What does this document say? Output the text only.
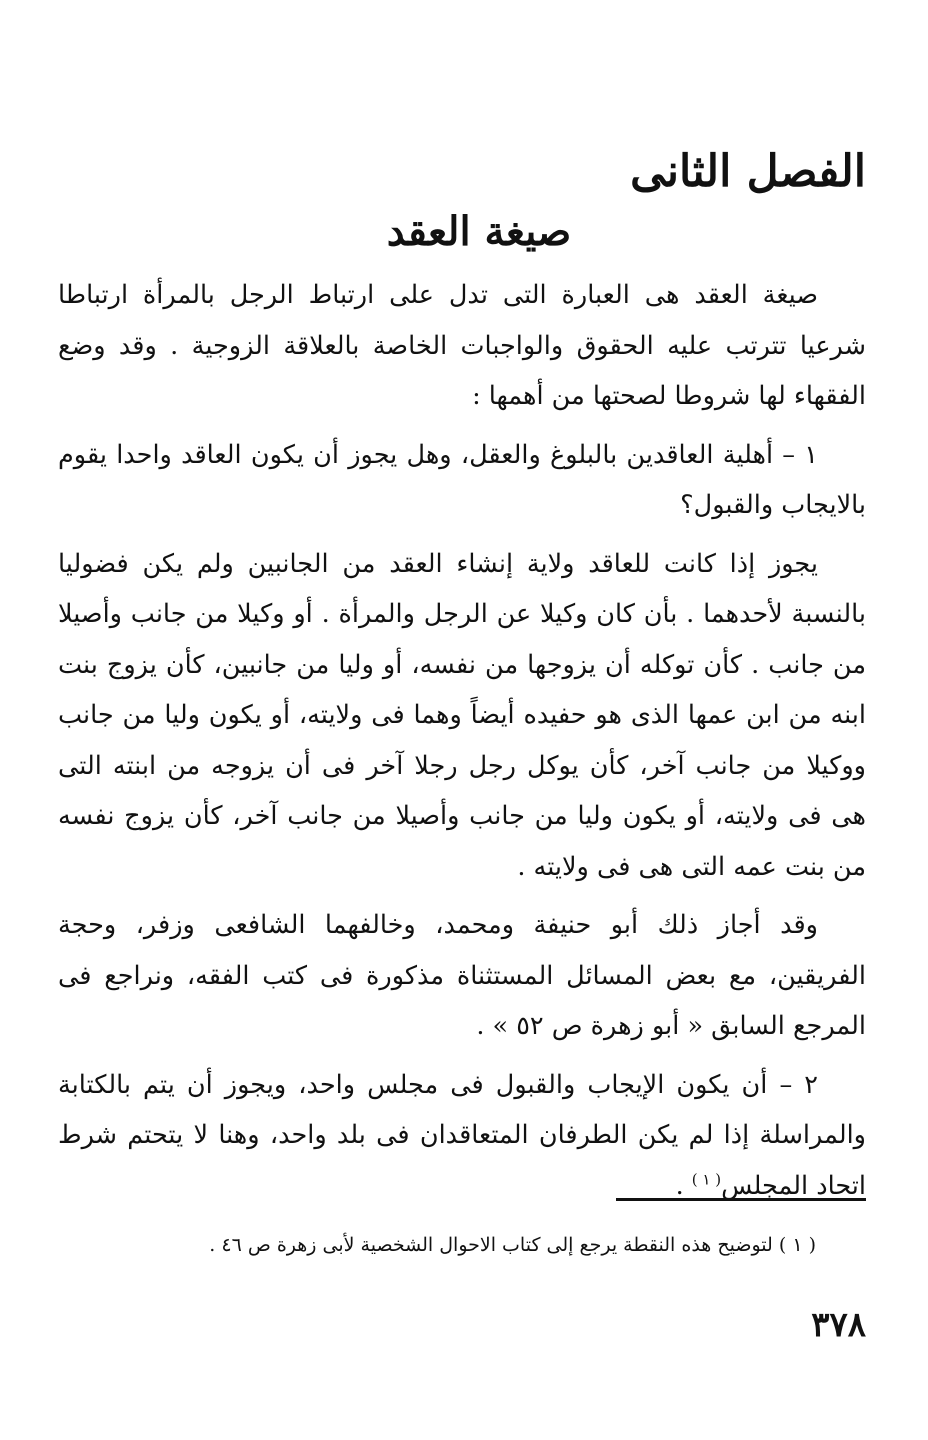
الفصل الثانى
صيغة العقد

صيغة العقد هى العبارة التى تدل على ارتباط الرجل بالمرأة ارتباطا شرعيا تترتب عليه الحقوق والواجبات الخاصة بالعلاقة الزوجية . وقد وضع الفقهاء لها شروطا لصحتها من أهمها :

١ – أهلية العاقدين بالبلوغ والعقل، وهل يجوز أن يكون العاقد واحدا يقوم بالايجاب والقبول؟

يجوز إذا كانت للعاقد ولاية إنشاء العقد من الجانبين ولم يكن فضوليا بالنسبة لأحدهما . بأن كان وكيلا عن الرجل والمرأة . أو وكيلا من جانب وأصيلا من جانب . كأن توكله أن يزوجها من نفسه، أو وليا من جانبين، كأن يزوج بنت ابنه من ابن عمها الذى هو حفيده أيضاً وهما فى ولايته، أو يكون وليا من جانب ووكيلا من جانب آخر، كأن يوكل رجل رجلا آخر فى أن يزوجه من ابنته التى هى فى ولايته، أو يكون وليا من جانب وأصيلا من جانب آخر، كأن يزوج نفسه من بنت عمه التى هى فى ولايته .

وقد أجاز ذلك أبو حنيفة ومحمد، وخالفهما الشافعى وزفر، وحجة الفريقين، مع بعض المسائل المستثناة مذكورة فى كتب الفقه، ونراجع فى المرجع السابق « أبو زهرة ص ٥٢ » .

٢ – أن يكون الإيجاب والقبول فى مجلس واحد، ويجوز أن يتم بالكتابة والمراسلة إذا لم يكن الطرفان المتعاقدان فى بلد واحد، وهنا لا يتحتم شرط اتحاد المجلس$^{( ١ )}$ .

( ١ ) لتوضيح هذه النقطة يرجع إلى كتاب الاحوال الشخصية لأبى زهرة ص ٤٦ .
٣٧٨
